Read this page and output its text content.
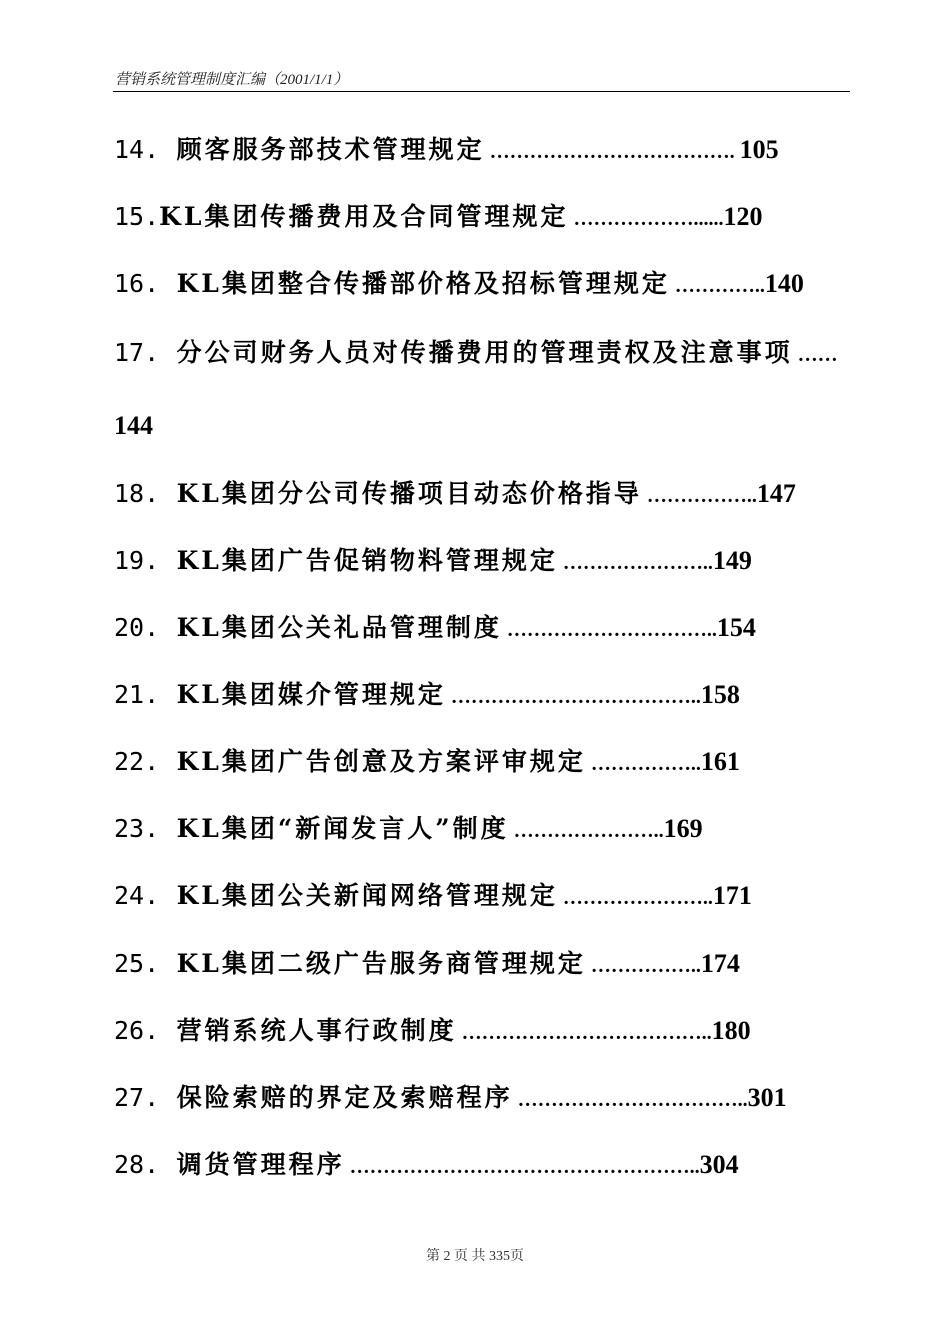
营销系统管理制度汇编（2001/1/1）
14. 顾客服务部技术管理规定 ………………………………. 105
15.KL集团传播费用及合同管理规定 ………………......120
16. KL集团整合传播部价格及招标管理规定 …………..140
17. 分公司财务人员对传播费用的管理责权及注意事项 ……
144
18. KL集团分公司传播项目动态价格指导 ……………..147
19. KL集团广告促销物料管理规定 …………………..149
20. KL集团公关礼品管理制度 …………………………..154
21. KL集团媒介管理规定 ………………………………..158
22. KL集团广告创意及方案评审规定 ……………..161
23. KL集团“新闻发言人”制度 …………………..169
24. KL集团公关新闻网络管理规定 …………………..171
25. KL集团二级广告服务商管理规定 ……………..174
26. 营销系统人事行政制度 ………………………………..180
27. 保险索赔的界定及索赔程序 ……………………………..301
28. 调货管理程序 ……………………………………………..304
第 2 页 共 335页
